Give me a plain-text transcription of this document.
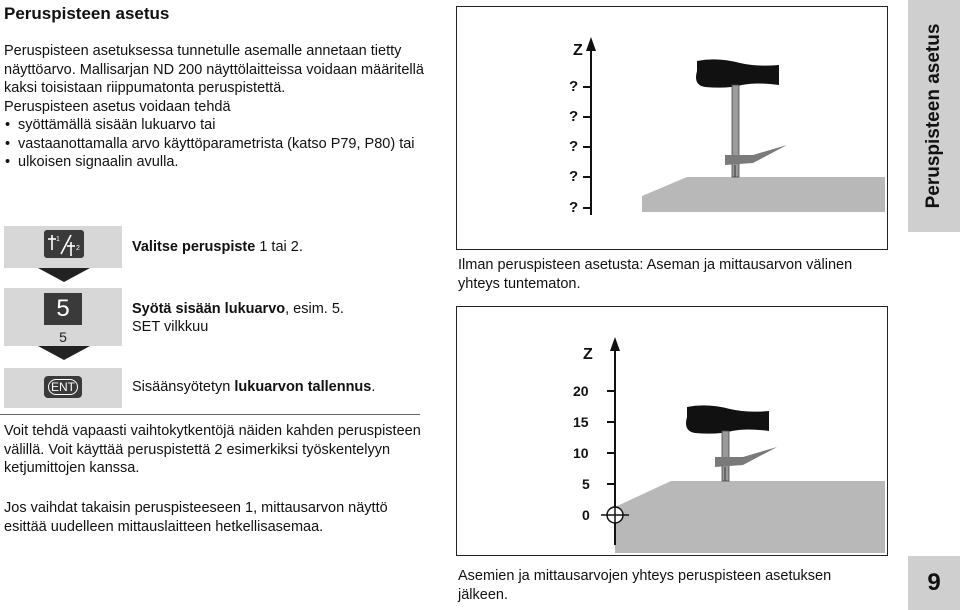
Peruspisteen asetus

Peruspisteen asetuksessa tunnetulle asemalle annetaan tietty näyttöarvo. Mallisarjan ND 200 näyttölaitteissa voidaan määritellä kaksi toisistaan riippumatonta peruspistettä.

Peruspisteen asetus voidaan tehdä

• syöttämällä sisään lukuarvo tai
• vastaanottamalla arvo käyttöparametrista (katso P79, P80) tai
• ulkoisen signaalin avulla.
1
2
5
5
ENT
Valitse peruspiste 1 tai 2.
Syötä sisään lukuarvo, esim. 5.
SET vilkkuu
Sisäänsyötetyn lukuarvon tallennus.
Voit tehdä vapaasti vaihtokytkentöjä näiden kahden peruspisteen välillä. Voit käyttää peruspistettä 2 esimerkiksi työskentelyyn ketjumittojen kanssa.
Jos vaihdat takaisin peruspisteeseen 1, mittausarvon näyttö esittää uudelleen mittauslaitteen hetkellisasemaa.
Z
?
?
?
?
?
Ilman peruspisteen asetusta: Aseman ja mittausarvon välinen yhteys tuntematon.
Z
20
15
10
5
0
Asemien ja mittausarvojen yhteys peruspisteen asetuksen jälkeen.
Peruspisteen asetus
9
